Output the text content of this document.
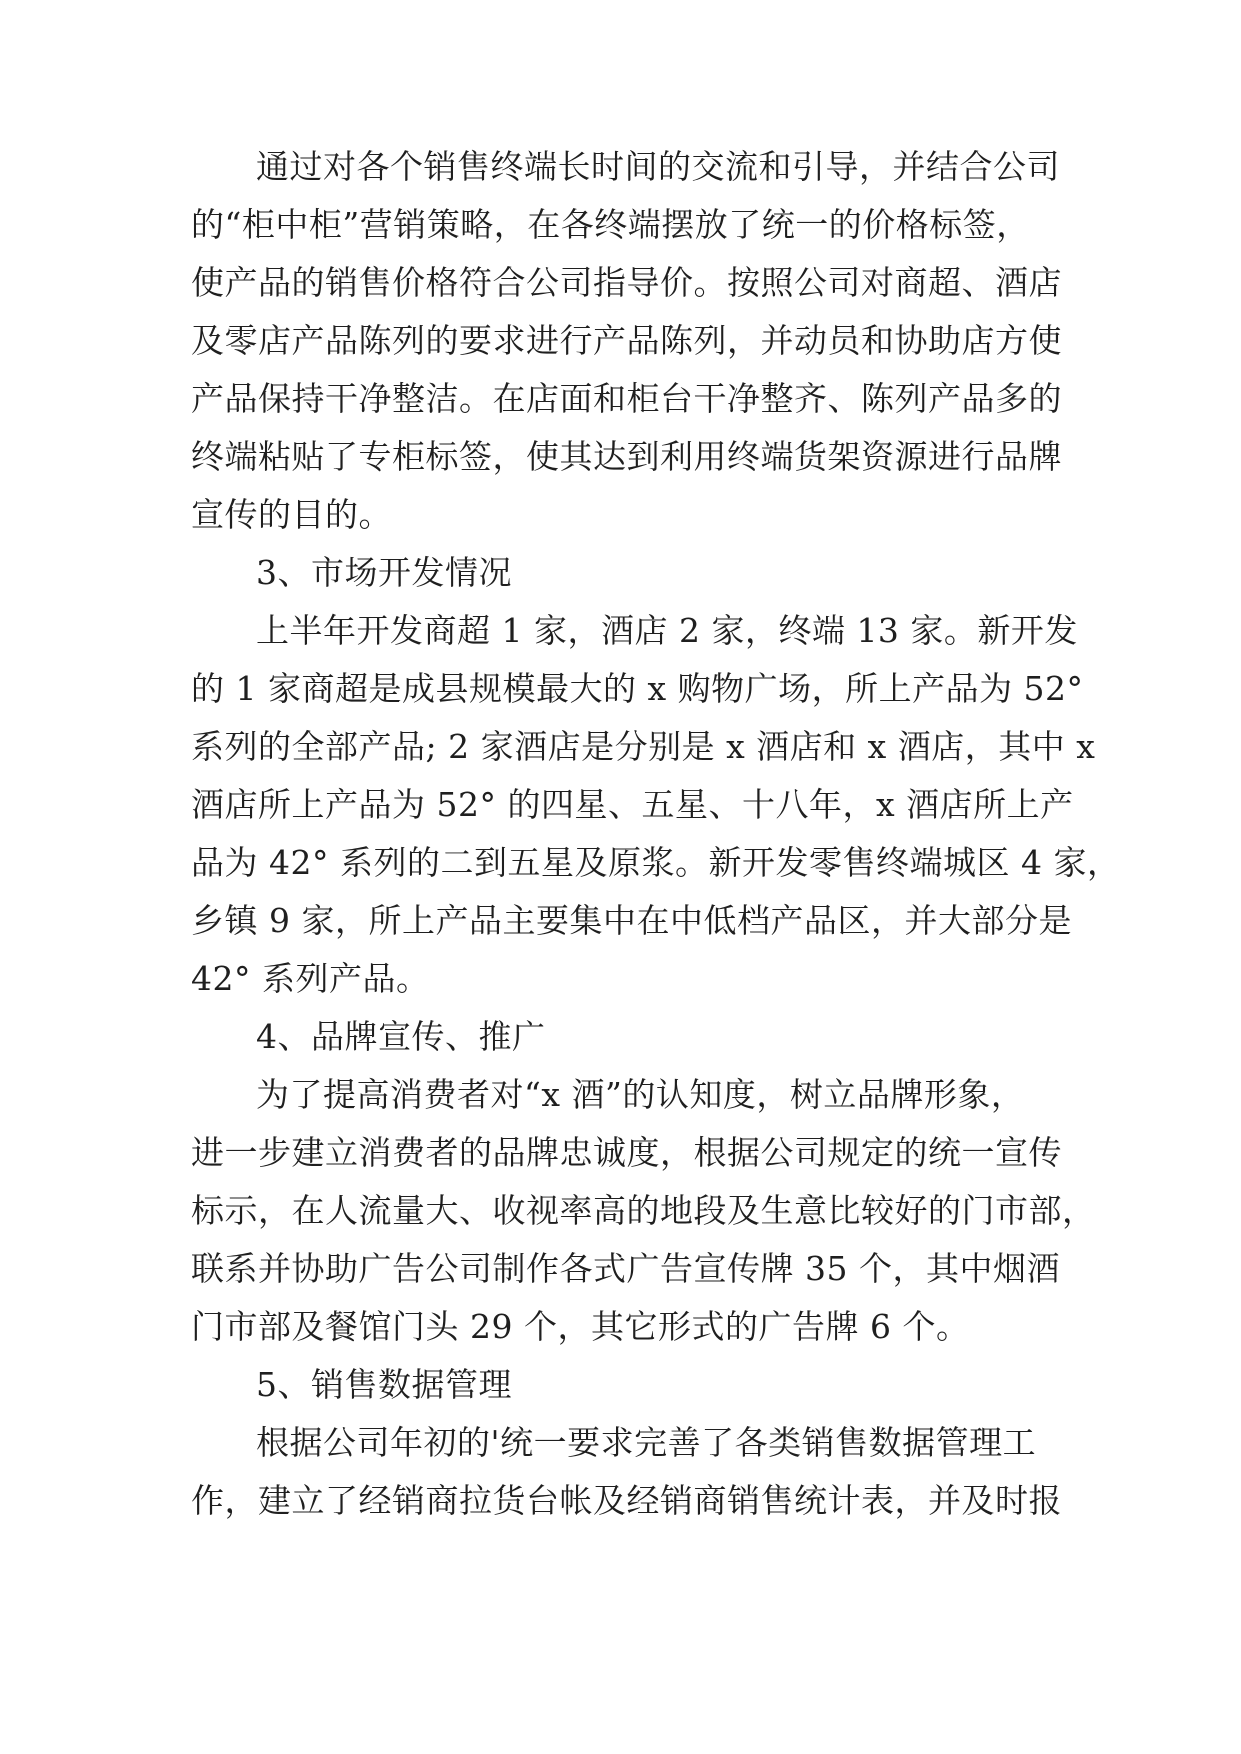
通过对各个销售终端长时间的交流和引导，并结合公司
的“柜中柜”营销策略，在各终端摆放了统一的价格标签，
使产品的销售价格符合公司指导价。按照公司对商超、酒店
及零店产品陈列的要求进行产品陈列，并动员和协助店方使
产品保持干净整洁。在店面和柜台干净整齐、陈列产品多的
终端粘贴了专柜标签，使其达到利用终端货架资源进行品牌
宣传的目的。
3、市场开发情况
上半年开发商超 1 家，酒店 2 家，终端 13 家。新开发
的 1 家商超是成县规模最大的 x 购物广场，所上产品为 52°
系列的全部产品; 2 家酒店是分别是 x 酒店和 x 酒店，其中 x
酒店所上产品为 52° 的四星、五星、十八年，x 酒店所上产
品为 42° 系列的二到五星及原浆。新开发零售终端城区 4 家，
乡镇 9 家，所上产品主要集中在中低档产品区，并大部分是
42° 系列产品。
4、品牌宣传、推广
为了提高消费者对“x 酒”的认知度，树立品牌形象，
进一步建立消费者的品牌忠诚度，根据公司规定的统一宣传
标示，在人流量大、收视率高的地段及生意比较好的门市部，
联系并协助广告公司制作各式广告宣传牌 35 个，其中烟酒
门市部及餐馆门头 29 个，其它形式的广告牌 6 个。
5、销售数据管理
根据公司年初的'统一要求完善了各类销售数据管理工
作，建立了经销商拉货台帐及经销商销售统计表，并及时报
